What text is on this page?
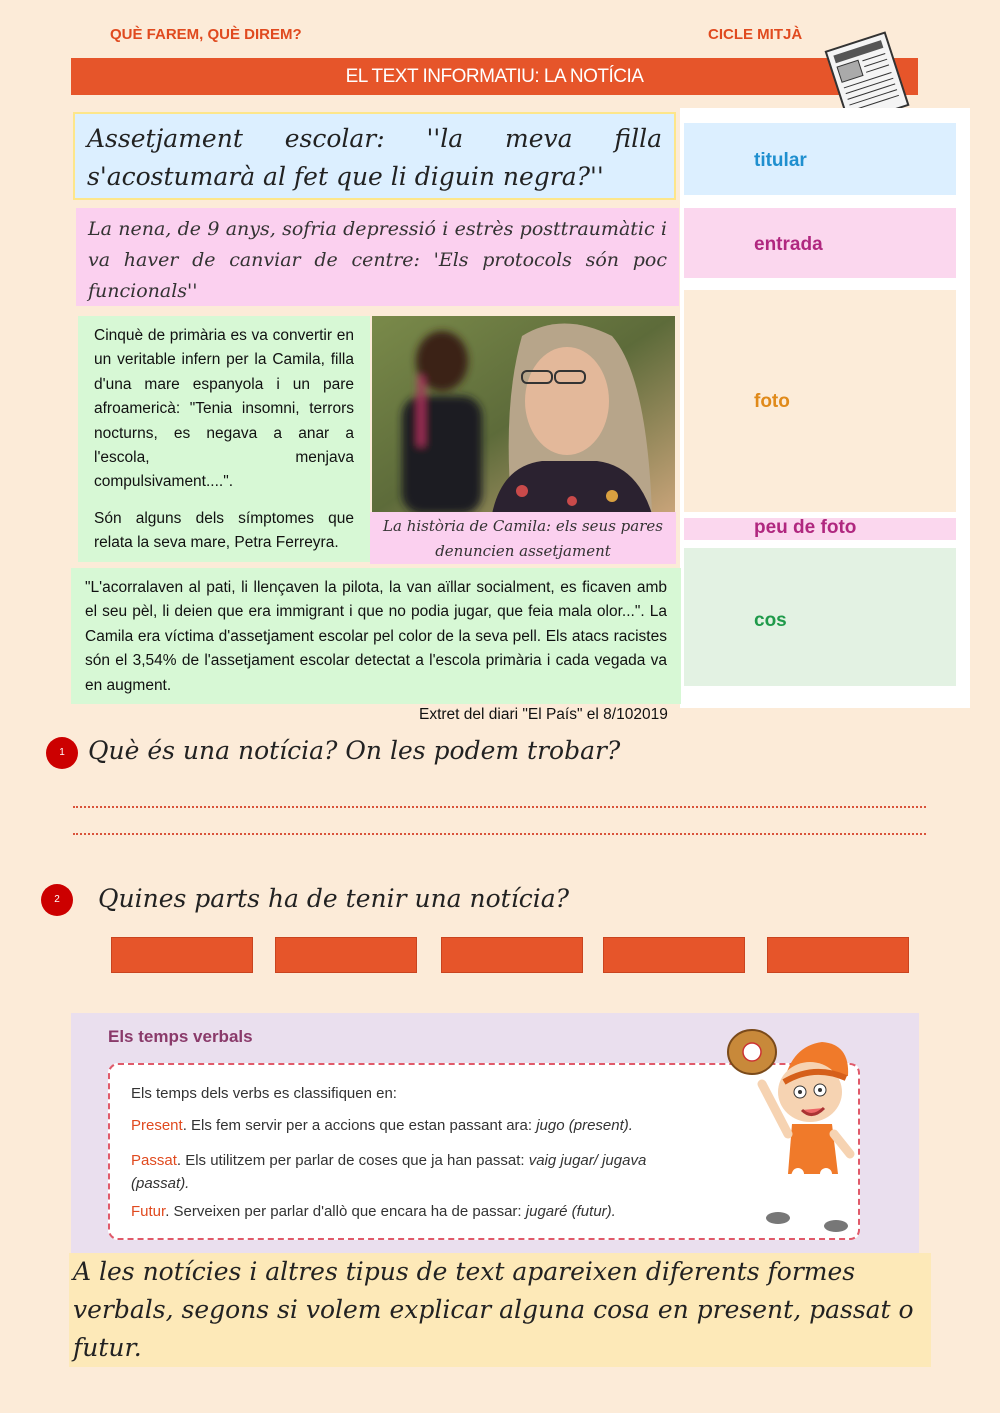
QUÈ FAREM, QUÈ DIREM?	CICLE MITJÀ
EL TEXT INFORMATIU: LA NOTÍCIA
titular
entrada
foto
peu de foto
cos
Assetjament escolar: ''la meva filla s'acostumarà al fet que li diguin negra?''
La nena, de 9 anys, sofria depressió i estrès posttraumàtic i va haver de canviar de centre: 'Els protocols són poc funcionals''
Cinquè de primària es va convertir en un veritable infern per la Camila, filla d'una mare espanyola i un pare afroamericà: "Tenia insomni, terrors nocturns, es negava a anar a l'escola, menjava compulsivament....".
Són alguns dels símptomes que relata la seva mare, Petra Ferreyra.
La història de Camila: els seus pares denuncien assetjament
"L'acorralaven al pati, li llençaven la pilota, la van aïllar socialment, es ficaven amb el seu pèl, li deien que era immigrant i que no podia jugar, que feia mala olor...". La Camila era víctima d'assetjament escolar pel color de la seva pell. Els atacs racistes són el 3,54% de l'assetjament escolar detectat a l'escola primària i cada vegada va en augment.
Extret del diari "El País" el 8/102019
1 Què és una notícia? On les podem trobar?
2	Quines parts ha de tenir una notícia?
Els temps verbals
Els temps dels verbs es classifiquen en:
Present. Els fem servir per a accions que estan passant ara: jugo (present).
Passat. Els utilitzem per parlar de coses que ja han passat: vaig jugar/ jugava (passat).
Futur. Serveixen per parlar d'allò que encara ha de passar: jugaré (futur).
A les notícies i altres tipus de text apareixen diferents formes verbals, segons si volem explicar alguna cosa en present, passat o futur.
